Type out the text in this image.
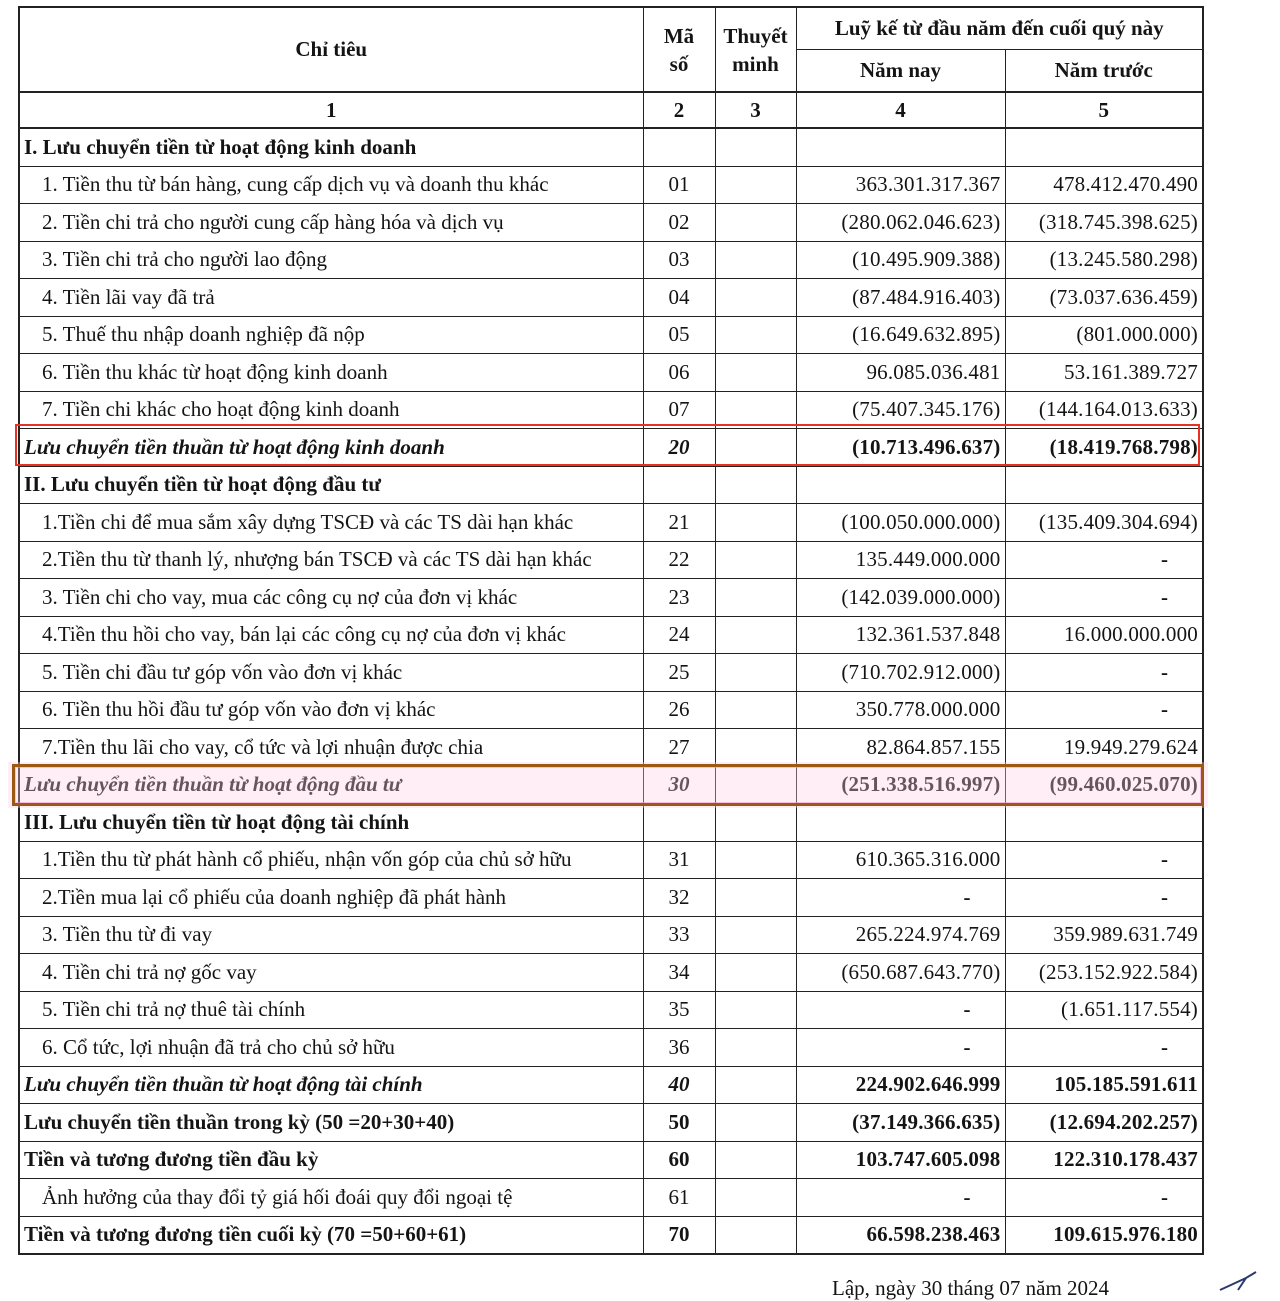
Chỉ tiêu	Mã số	Thuyết minh	Luỹ kế từ đầu năm đến cuối quý này	
			Năm nay	Năm trước
1	2	3	4	5
I. Lưu chuyển tiền từ hoạt động kinh doanh				
1. Tiền thu từ bán hàng, cung cấp dịch vụ và doanh thu khác	01		363.301.317.367	478.412.470.490
2. Tiền chi trả cho người cung cấp hàng hóa và dịch vụ	02		(280.062.046.623)	(318.745.398.625)
3. Tiền chi trả cho người lao động	03		(10.495.909.388)	(13.245.580.298)
4. Tiền lãi vay đã trả	04		(87.484.916.403)	(73.037.636.459)
5. Thuế thu nhập doanh nghiệp đã nộp	05		(16.649.632.895)	(801.000.000)
6. Tiền thu khác từ hoạt động kinh doanh	06		96.085.036.481	53.161.389.727
7. Tiền chi khác cho hoạt động kinh doanh	07		(75.407.345.176)	(144.164.013.633)
Lưu chuyển tiền thuần từ hoạt động kinh doanh	20		(10.713.496.637)	(18.419.768.798)
II. Lưu chuyển tiền từ hoạt động đầu tư				
1.Tiền chi để mua sắm xây dựng TSCĐ và các TS dài hạn khác	21		(100.050.000.000)	(135.409.304.694)
2.Tiền thu từ thanh lý, nhượng bán TSCĐ và các TS dài hạn khác	22		135.449.000.000	-
3. Tiền chi cho vay, mua các công cụ nợ của đơn vị khác	23		(142.039.000.000)	-
4.Tiền thu hồi cho vay, bán lại các công cụ nợ của đơn vị khác	24		132.361.537.848	16.000.000.000
5. Tiền chi đầu tư góp vốn vào đơn vị khác	25		(710.702.912.000)	-
6. Tiền thu hồi đầu tư góp vốn vào đơn vị khác	26		350.778.000.000	-
7.Tiền thu lãi cho vay, cổ tức và lợi nhuận được chia	27		82.864.857.155	19.949.279.624
Lưu chuyển tiền thuần từ hoạt động đầu tư	30		(251.338.516.997)	(99.460.025.070)
III. Lưu chuyển tiền từ hoạt động tài chính				
1.Tiền thu từ phát hành cổ phiếu, nhận vốn góp của chủ sở hữu	31		610.365.316.000	-
2.Tiền mua lại cổ phiếu của doanh nghiệp đã phát hành	32		-	-
3. Tiền thu từ đi vay	33		265.224.974.769	359.989.631.749
4. Tiền chi trả nợ gốc vay	34		(650.687.643.770)	(253.152.922.584)
5. Tiền chi trả nợ thuê tài chính	35		-	(1.651.117.554)
6. Cổ tức, lợi nhuận đã trả cho chủ sở hữu	36		-	-
Lưu chuyển tiền thuần từ hoạt động tài chính	40		224.902.646.999	105.185.591.611
Lưu chuyển tiền thuần trong kỳ (50 =20+30+40)	50		(37.149.366.635)	(12.694.202.257)
Tiền và tương đương tiền đầu kỳ	60		103.747.605.098	122.310.178.437
Ảnh hưởng của thay đổi tỷ giá hối đoái quy đổi ngoại tệ	61		-	-
Tiền và tương đương tiền cuối kỳ (70 =50+60+61)	70		66.598.238.463	109.615.976.180
Lập, ngày 30 tháng 07 năm 2024
